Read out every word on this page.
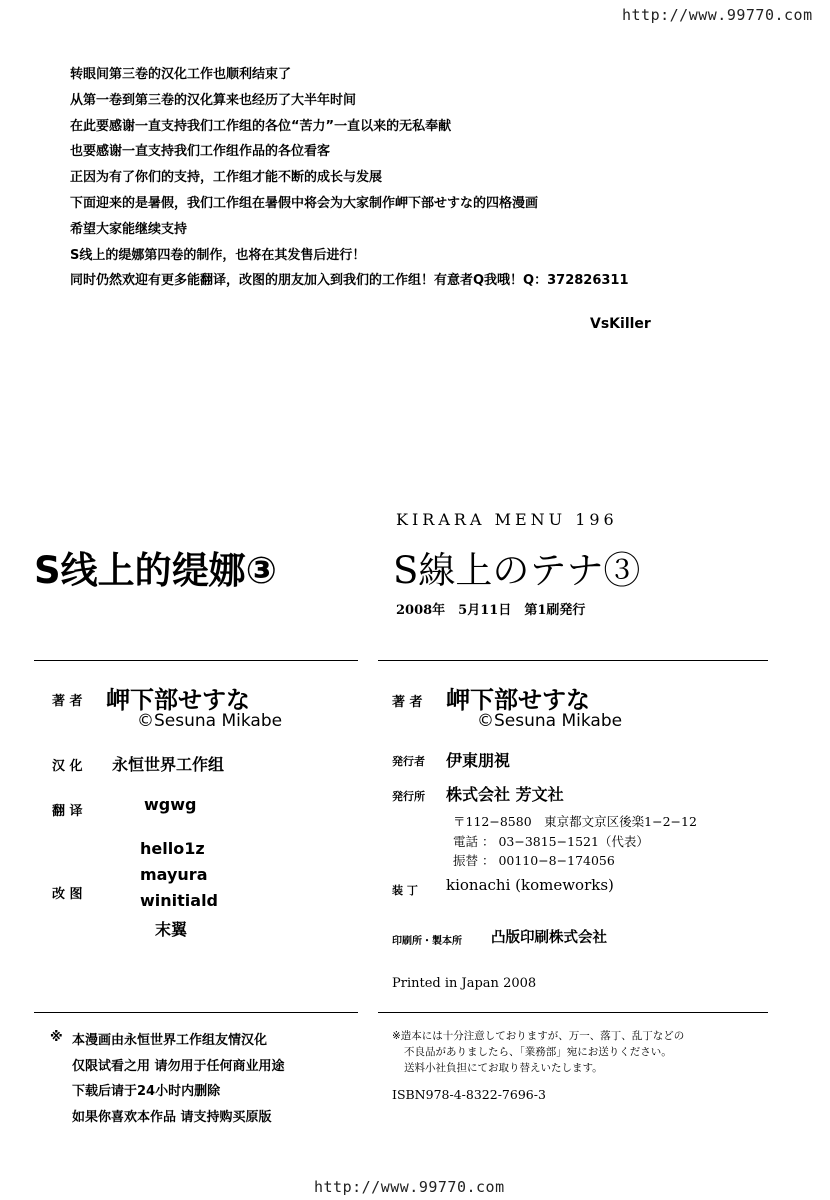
http://www.99770.com
转眼间第三卷的汉化工作也顺利结束了
从第一卷到第三卷的汉化算来也经历了大半年时间
在此要感谢一直支持我们工作组的各位“苦力”一直以来的无私奉献
也要感谢一直支持我们工作组作品的各位看客
正因为有了你们的支持，工作组才能不断的成长与发展
下面迎来的是暑假，我们工作组在暑假中将会为大家制作岬下部せすな的四格漫画
希望大家能继续支持
S线上的缇娜第四卷的制作，也将在其发售后进行！
同时仍然欢迎有更多能翻译，改图的朋友加入到我们的工作组！有意者Q我哦！Q：372826311
VsKiller
KIRARA MENU 196
S线上的缇娜③	S線上のテナ③
2008年　5月11日　第1刷発行
著 者 岬下部せすな
©Sesuna Mikabe
汉 化 永恒世界工作组
翻 译	wgwg
改 图
hello1z
mayura
winitiald
末翼
※ 本漫画由永恒世界工作组友情汉化
仅限试看之用 请勿用于任何商业用途
下载后请于24小时内删除
如果你喜欢本作品 请支持购买原版
著 者 岬下部せすな
©Sesuna Mikabe
発行者 伊東朋視
発行所 株式会社 芳文社
〒112−8580　東京都文京区後楽1−2−12
電話 ： 03−3815−1521（代表）
振替 ： 00110−8−174056
装 丁 kionachi (komeworks)
印刷所・製本所 凸版印刷株式会社
Printed in Japan 2008
※造本には十分注意しておりますが、万一、落丁、乱丁などの
不良品がありましたら、「業務部」宛にお送りください。
送料小社負担にてお取り替えいたします。
ISBN978-4-8322-7696-3
http://www.99770.com
